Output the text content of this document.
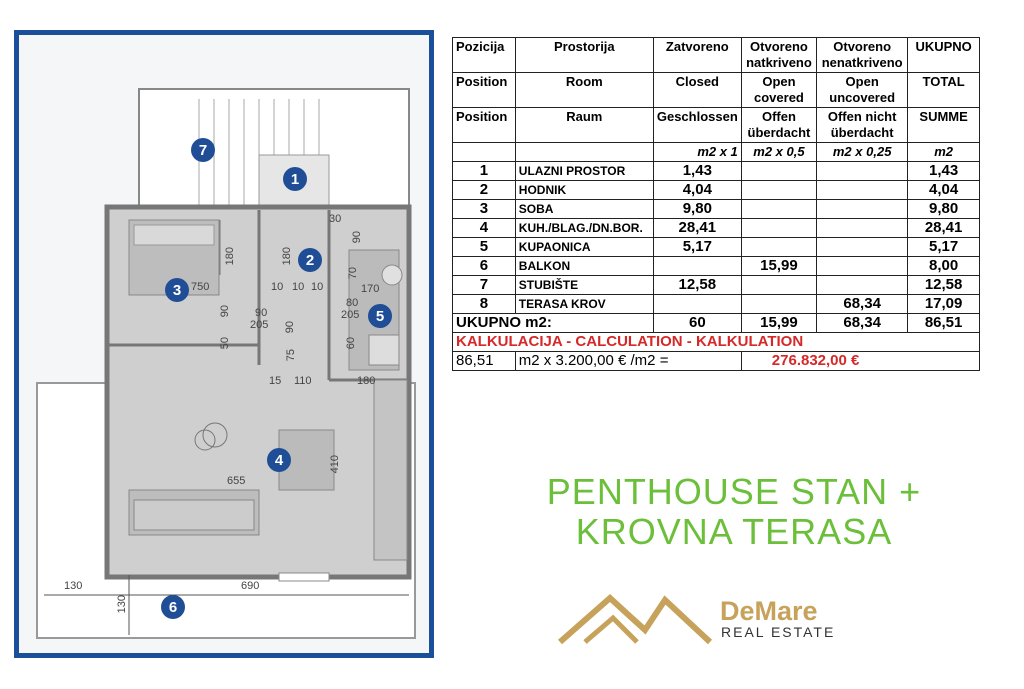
7
1
2
3
5
4
6
30
90
180	180
750	10 10 10
70
170
80
205
90
205
90
90
60
50
75
15 110	180
410
655
130	690
130
Pozicija	Prostorija	Zatvoreno	Otvoreno natkriveno	Otvoreno nenatkriveno	UKUPNO
Position	Room	Closed	Open covered	Open uncovered	TOTAL
Position	Raum	Geschlossen	Offen überdacht	Offen nicht überdacht	SUMME
		m2 x 1	m2 x 0,5	m2 x 0,25	m2
1	ULAZNI PROSTOR	1,43			1,43
2	HODNIK	4,04			4,04
3	SOBA	9,80			9,80
4	KUH./BLAG./DN.BOR.	28,41			28,41
5	KUPAONICA	5,17			5,17
6	BALKON		15,99		8,00
7	STUBIŠTE	12,58			12,58
8	TERASA KROV			68,34	17,09
UKUPNO m2:		60	15,99	68,34	86,51
KALKULACIJA - CALCULATION - KALKULATION					
86,51	m2 x 3.200,00 € /m2 =		276.832,00 €		
PENTHOUSE STAN +
KROVNA TERASA
DeMare
REAL ESTATE
